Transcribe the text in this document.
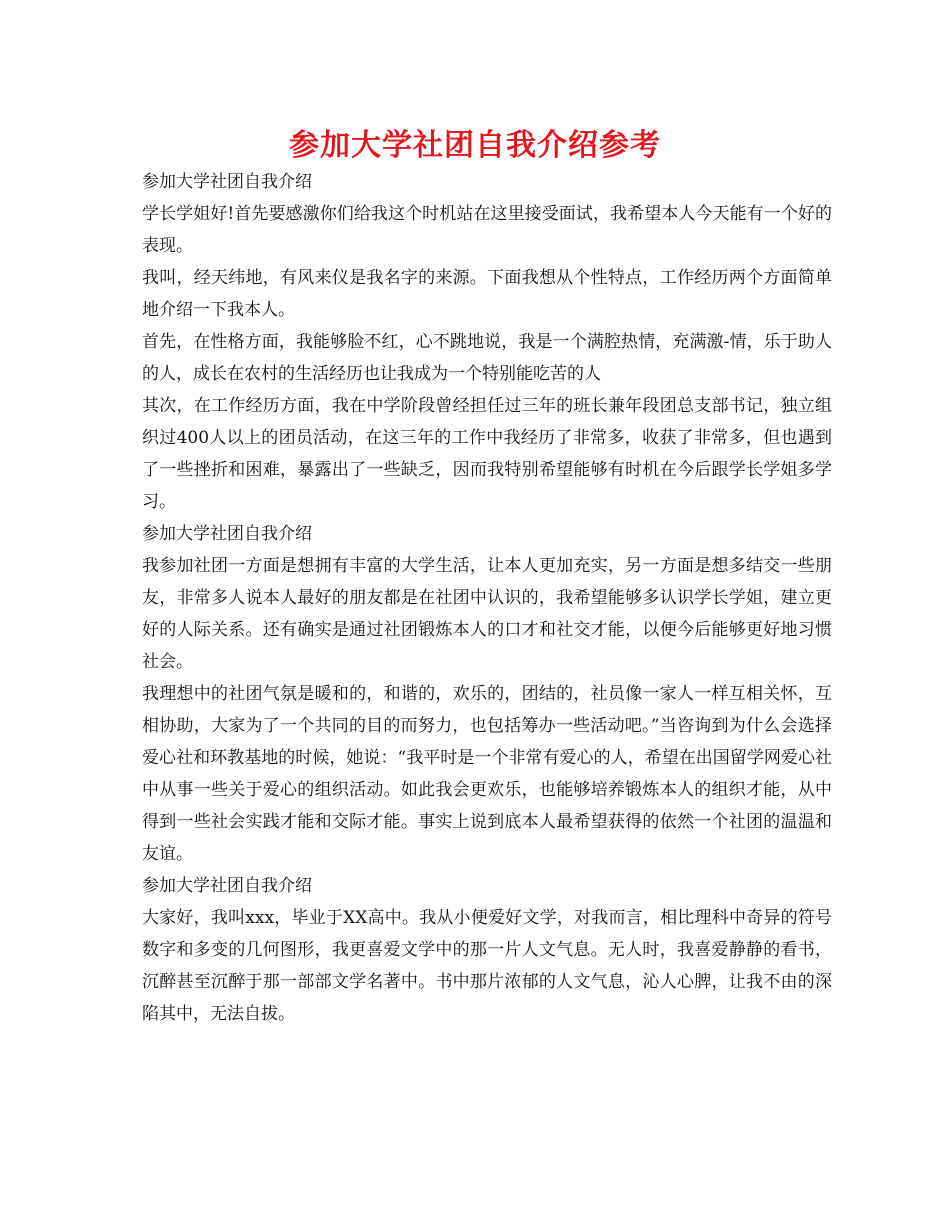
参加大学社团自我介绍参考
参加大学社团自我介绍

学长学姐好!首先要感激你们给我这个时机站在这里接受面试，我希望本人今天能有一个好的表现。

我叫，经天纬地，有风来仪是我名字的来源。下面我想从个性特点，工作经历两个方面简单地介绍一下我本人。

首先，在性格方面，我能够脸不红，心不跳地说，我是一个满腔热情，充满激-情，乐于助人的人，成长在农村的生活经历也让我成为一个特别能吃苦的人

其次，在工作经历方面，我在中学阶段曾经担任过三年的班长兼年段团总支部书记，独立组织过400人以上的团员活动，在这三年的工作中我经历了非常多，收获了非常多，但也遇到了一些挫折和困难，暴露出了一些缺乏，因而我特别希望能够有时机在今后跟学长学姐多学习。

参加大学社团自我介绍

我参加社团一方面是想拥有丰富的大学生活，让本人更加充实，另一方面是想多结交一些朋友，非常多人说本人最好的朋友都是在社团中认识的，我希望能够多认识学长学姐，建立更好的人际关系。还有确实是通过社团锻炼本人的口才和社交才能，以便今后能够更好地习惯社会。

我理想中的社团气氛是暖和的，和谐的，欢乐的，团结的，社员像一家人一样互相关怀，互相协助，大家为了一个共同的目的而努力，也包括筹办一些活动吧。”当咨询到为什么会选择爱心社和环教基地的时候，她说：“我平时是一个非常有爱心的人，希望在出国留学网爱心社中从事一些关于爱心的组织活动。如此我会更欢乐，也能够培养锻炼本人的组织才能，从中得到一些社会实践才能和交际才能。事实上说到底本人最希望获得的依然一个社团的温温和友谊。

参加大学社团自我介绍

大家好，我叫xxx，毕业于XX高中。我从小便爱好文学，对我而言，相比理科中奇异的符号数字和多变的几何图形，我更喜爱文学中的那一片人文气息。无人时，我喜爱静静的看书，沉醉甚至沉醉于那一部部文学名著中。书中那片浓郁的人文气息，沁人心脾，让我不由的深陷其中，无法自拔。
